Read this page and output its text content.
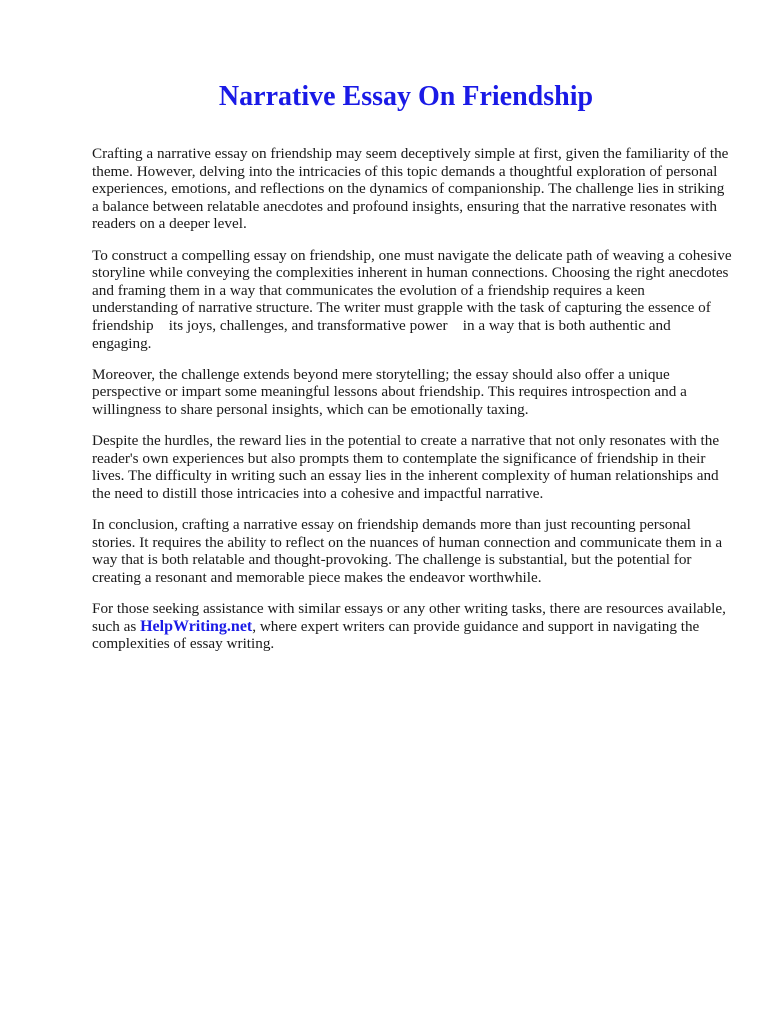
Narrative Essay On Friendship

Crafting a narrative essay on friendship may seem deceptively simple at first, given the familiarity of the theme. However, delving into the intricacies of this topic demands a thoughtful exploration of personal experiences, emotions, and reflections on the dynamics of companionship. The challenge lies in striking a balance between relatable anecdotes and profound insights, ensuring that the narrative resonates with readers on a deeper level.

To construct a compelling essay on friendship, one must navigate the delicate path of weaving a cohesive storyline while conveying the complexities inherent in human connections. Choosing the right anecdotes and framing them in a way that communicates the evolution of a friendship requires a keen understanding of narrative structure. The writer must grapple with the task of capturing the essence of friendship    its joys, challenges, and transformative power    in a way that is both authentic and engaging.

Moreover, the challenge extends beyond mere storytelling; the essay should also offer a unique perspective or impart some meaningful lessons about friendship. This requires introspection and a willingness to share personal insights, which can be emotionally taxing.

Despite the hurdles, the reward lies in the potential to create a narrative that not only resonates with the reader's own experiences but also prompts them to contemplate the significance of friendship in their lives. The difficulty in writing such an essay lies in the inherent complexity of human relationships and the need to distill those intricacies into a cohesive and impactful narrative.

In conclusion, crafting a narrative essay on friendship demands more than just recounting personal stories. It requires the ability to reflect on the nuances of human connection and communicate them in a way that is both relatable and thought-provoking. The challenge is substantial, but the potential for creating a resonant and memorable piece makes the endeavor worthwhile.

For those seeking assistance with similar essays or any other writing tasks, there are resources available, such as HelpWriting.net, where expert writers can provide guidance and support in navigating the complexities of essay writing.
